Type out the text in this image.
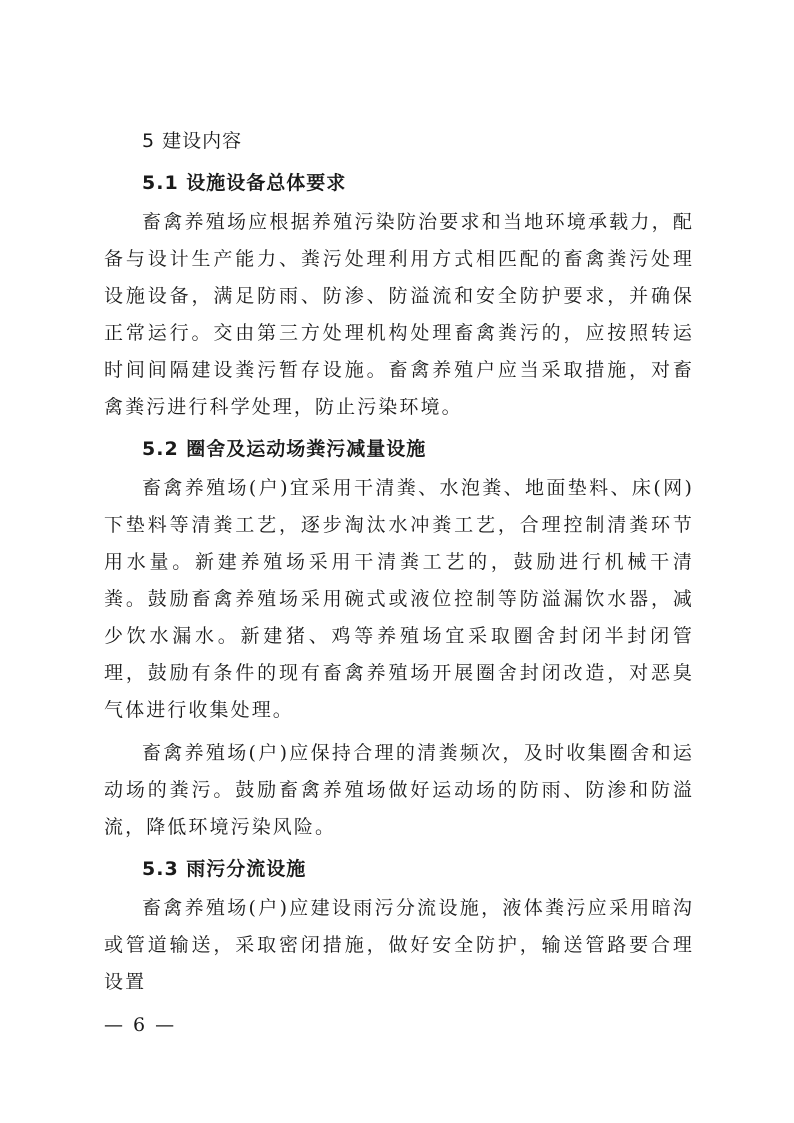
5 建设内容
5.1 设施设备总体要求

畜禽养殖场应根据养殖污染防治要求和当地环境承载力，配备与设计生产能力、粪污处理利用方式相匹配的畜禽粪污处理设施设备，满足防雨、防渗、防溢流和安全防护要求，并确保正常运行。交由第三方处理机构处理畜禽粪污的，应按照转运时间间隔建设粪污暂存设施。畜禽养殖户应当采取措施，对畜禽粪污进行科学处理，防止污染环境。

5.2 圈舍及运动场粪污减量设施

畜禽养殖场(户)宜采用干清粪、水泡粪、地面垫料、床(网)下垫料等清粪工艺，逐步淘汰水冲粪工艺，合理控制清粪环节用水量。新建养殖场采用干清粪工艺的，鼓励进行机械干清粪。鼓励畜禽养殖场采用碗式或液位控制等防溢漏饮水器，减少饮水漏水。新建猪、鸡等养殖场宜采取圈舍封闭半封闭管理，鼓励有条件的现有畜禽养殖场开展圈舍封闭改造，对恶臭气体进行收集处理。

畜禽养殖场(户)应保持合理的清粪频次，及时收集圈舍和运动场的粪污。鼓励畜禽养殖场做好运动场的防雨、防渗和防溢流，降低环境污染风险。

5.3 雨污分流设施

畜禽养殖场(户)应建设雨污分流设施，液体粪污应采用暗沟或管道输送，采取密闭措施，做好安全防护，输送管路要合理设置

— 6 —
